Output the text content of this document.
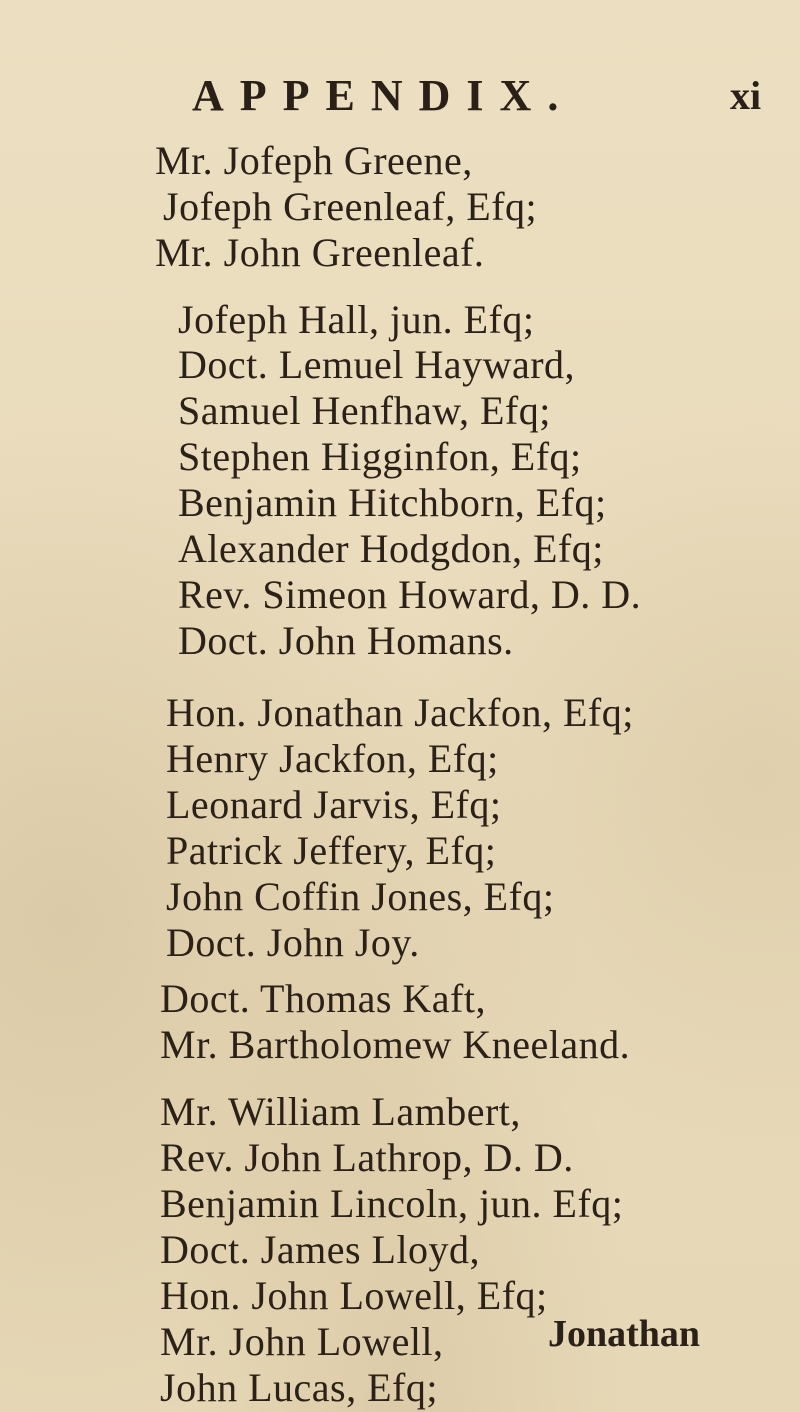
APPENDIX.	xi
Mr. Jofeph Greene,
Jofeph Greenleaf, Efq;
Mr. John Greenleaf.
Jofeph Hall, jun. Efq;
Doct. Lemuel Hayward,
Samuel Henfhaw, Efq;
Stephen Higginfon, Efq;
Benjamin Hitchborn, Efq;
Alexander Hodgdon, Efq;
Rev. Simeon Howard, D. D.
Doct. John Homans.
Hon. Jonathan Jackfon, Efq;
Henry Jackfon, Efq;
Leonard Jarvis, Efq;
Patrick Jeffery, Efq;
John Coffin Jones, Efq;
Doct. John Joy.
Doct. Thomas Kaft,
Mr. Bartholomew Kneeland.
Mr. William Lambert,
Rev. John Lathrop, D. D.
Benjamin Lincoln, jun. Efq;
Doct. James Lloyd,
Hon. John Lowell, Efq;
Mr. John Lowell,
John Lucas, Efq;
Jonathan
